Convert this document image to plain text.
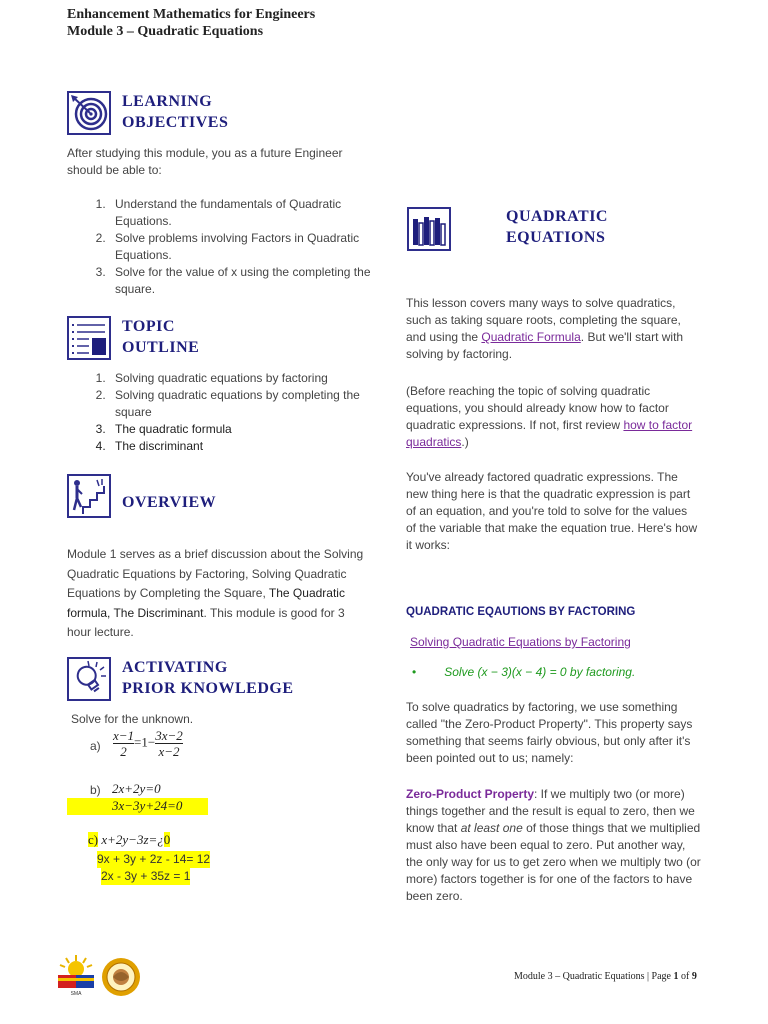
Enhancement Mathematics for Engineers
Module 3 – Quadratic Equations
LEARNING
OBJECTIVES
After studying this module, you as a future Engineer should be able to:
1. Understand the fundamentals of Quadratic Equations.
2. Solve problems involving Factors in Quadratic Equations.
3. Solve for the value of x using the completing the square.
TOPIC
OUTLINE
1. Solving quadratic equations by factoring
2. Solving quadratic equations by completing the square
3. The quadratic formula
4. The discriminant
OVERVIEW
Module 1 serves as a brief discussion about the Solving Quadratic Equations by Factoring, Solving Quadratic Equations by Completing the Square, The Quadratic formula, The Discriminant. This module is good for 3 hour lecture.
ACTIVATING
PRIOR KNOWLEDGE
Solve for the unknown.
$a) \frac{x-1}{2} =1- \frac{3x-2}{x-2}$
b) 2x+2y=0
3x−3y+24=0
c) x+2y−3z=¿0
9x + 3y + 2z - 14= 12
2x - 3y + 35z = 1
QUADRATIC
EQUATIONS
This lesson covers many ways to solve quadratics, such as taking square roots, completing the square, and using the Quadratic Formula. But we'll start with solving by factoring.
(Before reaching the topic of solving quadratic equations, you should already know how to factor quadratic expressions. If not, first review how to factor quadratics.)
You've already factored quadratic expressions. The new thing here is that the quadratic expression is part of an equation, and you're told to solve for the values of the variable that make the equation true. Here's how it works:
QUADRATIC EQAUTIONS BY FACTORING
Solving Quadratic Equations by Factoring
• Solve (x − 3)(x − 4) = 0 by factoring.
To solve quadratics by factoring, we use something called "the Zero-Product Property". This property says something that seems fairly obvious, but only after it's been pointed out to us; namely:
Zero-Product Property: If we multiply two (or more) things together and the result is equal to zero, then we know that at least one of those things that we multiplied must also have been equal to zero. Put another way, the only way for us to get zero when we multiply two (or more) factors together is for one of the factors to have been zero.
SMA
Module 3 – Quadratic Equations | Page 1 of 9
